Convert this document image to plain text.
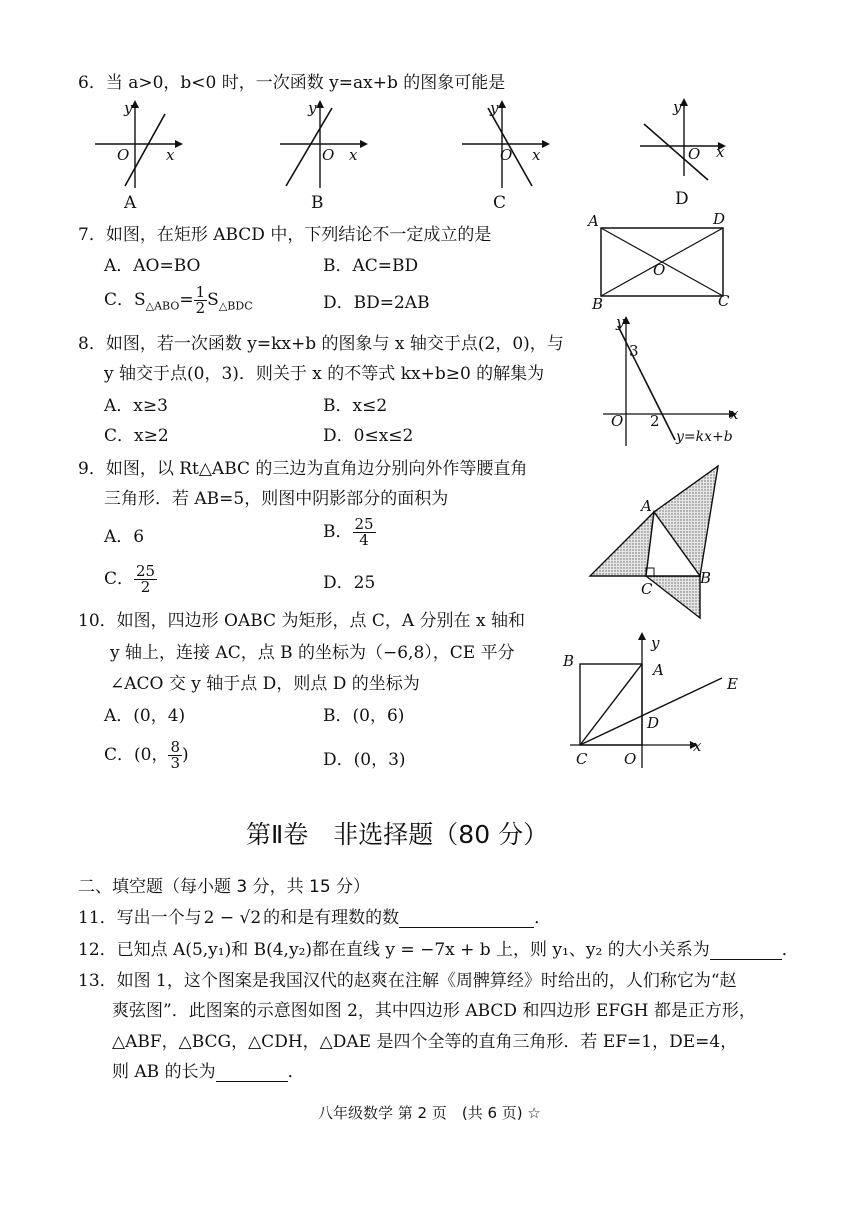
6．当 a>0，b<0 时，一次函数 y=ax+b 的图象可能是
O x
y
A
O x
y
B
O x
y
C
O x
y
D
7．如图，在矩形 ABCD 中，下列结论不一定成立的是
A．AO=BO	B．AC=BD
C．$S_{\triangle ABO}= \frac{1}{2} S_{\triangle BDC}$	D．BD=2AB
A	D
O
B	C
8．如图，若一次函数 y=kx+b 的图象与 x 轴交于点(2，0)，与
y 轴交于点(0，3)．则关于 x 的不等式 kx+b≥0 的解集为
A．x≥3	B．x≤2
C．x≥2	D．0≤x≤2
y
3
O 2	x
y=kx+b
9．如图，以 Rt△ABC 的三边为直角边分别向外作等腰直角
三角形．若 AB=5，则图中阴影部分的面积为
A．6	B． $\frac{25}{4}$
C． $\frac{25}{2}$	D．25
A
B
C
10．如图，四边形 OABC 为矩形，点 C，A 分别在 x 轴和
y 轴上，连接 AC，点 B 的坐标为（−6,8），CE 平分
∠ACO 交 y 轴于点 D，则点 D 的坐标为
A．(0，4)	B．(0，6)
C．(0， $\frac{8}{3}$ )	D．(0，3)
y
B	A
E
D
x
C O
第Ⅱ卷　非选择题（80 分）
二、填空题（每小题 3 分，共 15 分）
11．写出一个与 2 − √2 的和是有理数的数	．
12．已知点 A(5,y₁)和 B(4,y₂)都在直线 y = −7x + b 上，则 y₁、y₂ 的大小关系为	．
13．如图 1，这个图案是我国汉代的赵爽在注解《周髀算经》时给出的，人们称它为“赵
爽弦图”．此图案的示意图如图 2，其中四边形 ABCD 和四边形 EFGH 都是正方形，
△ABF，△BCG，△CDH，△DAE 是四个全等的直角三角形．若 EF=1，DE=4，
则 AB 的长为	．
八年级数学 第 2 页　(共 6 页) ☆
